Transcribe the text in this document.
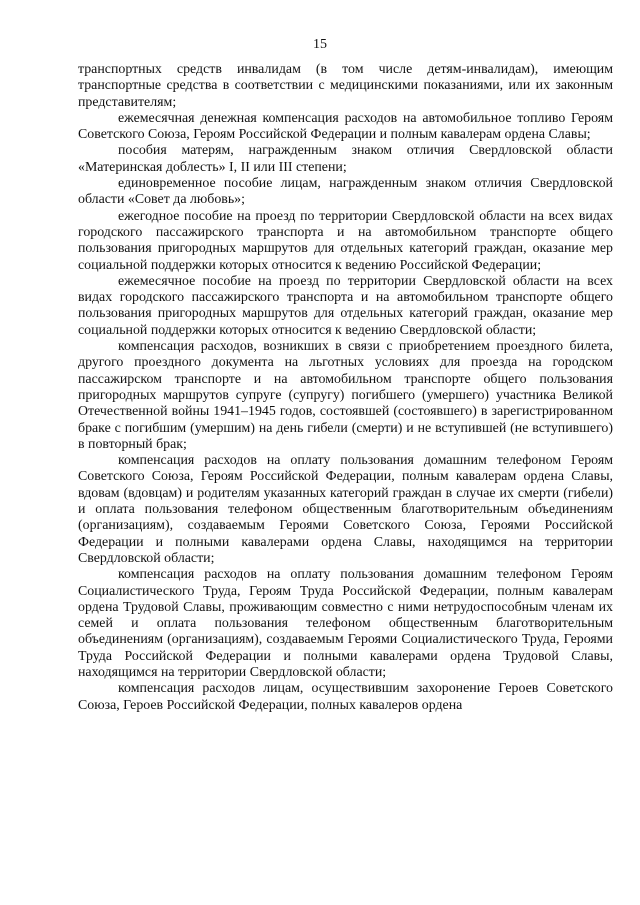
15

транспортных средств инвалидам (в том числе детям-инвалидам), имеющим транспортные средства в соответствии с медицинскими показаниями, или их законным представителям;

ежемесячная денежная компенсация расходов на автомобильное топливо Героям Советского Союза, Героям Российской Федерации и полным кавалерам ордена Славы;

пособия матерям, награжденным знаком отличия Свердловской области «Материнская доблесть» I, II или III степени;

единовременное пособие лицам, награжденным знаком отличия Свердловской области «Совет да любовь»;

ежегодное пособие на проезд по территории Свердловской области на всех видах городского пассажирского транспорта и на автомобильном транспорте общего пользования пригородных маршрутов для отдельных категорий граждан, оказание мер социальной поддержки которых относится к ведению Российской Федерации;

ежемесячное пособие на проезд по территории Свердловской области на всех видах городского пассажирского транспорта и на автомобильном транспорте общего пользования пригородных маршрутов для отдельных категорий граждан, оказание мер социальной поддержки которых относится к ведению Свердловской области;

компенсация расходов, возникших в связи с приобретением проездного билета, другого проездного документа на льготных условиях для проезда на городском пассажирском транспорте и на автомобильном транспорте общего пользования пригородных маршрутов супруге (супругу) погибшего (умершего) участника Великой Отечественной войны 1941–1945 годов, состоявшей (состоявшего) в зарегистрированном браке с погибшим (умершим) на день гибели (смерти) и не вступившей (не вступившего) в повторный брак;

компенсация расходов на оплату пользования домашним телефоном Героям Советского Союза, Героям Российской Федерации, полным кавалерам ордена Славы, вдовам (вдовцам) и родителям указанных категорий граждан в случае их смерти (гибели) и оплата пользования телефоном общественным благотворительным объединениям (организациям), создаваемым Героями Советского Союза, Героями Российской Федерации и полными кавалерами ордена Славы, находящимся на территории Свердловской области;

компенсация расходов на оплату пользования домашним телефоном Героям Социалистического Труда, Героям Труда Российской Федерации, полным кавалерам ордена Трудовой Славы, проживающим совместно с ними нетрудоспособным членам их семей и оплата пользования телефоном общественным благотворительным объединениям (организациям), создаваемым Героями Социалистического Труда, Героями Труда Российской Федерации и полными кавалерами ордена Трудовой Славы, находящимся на территории Свердловской области;

компенсация расходов лицам, осуществившим захоронение Героев Советского Союза, Героев Российской Федерации, полных кавалеров ордена
